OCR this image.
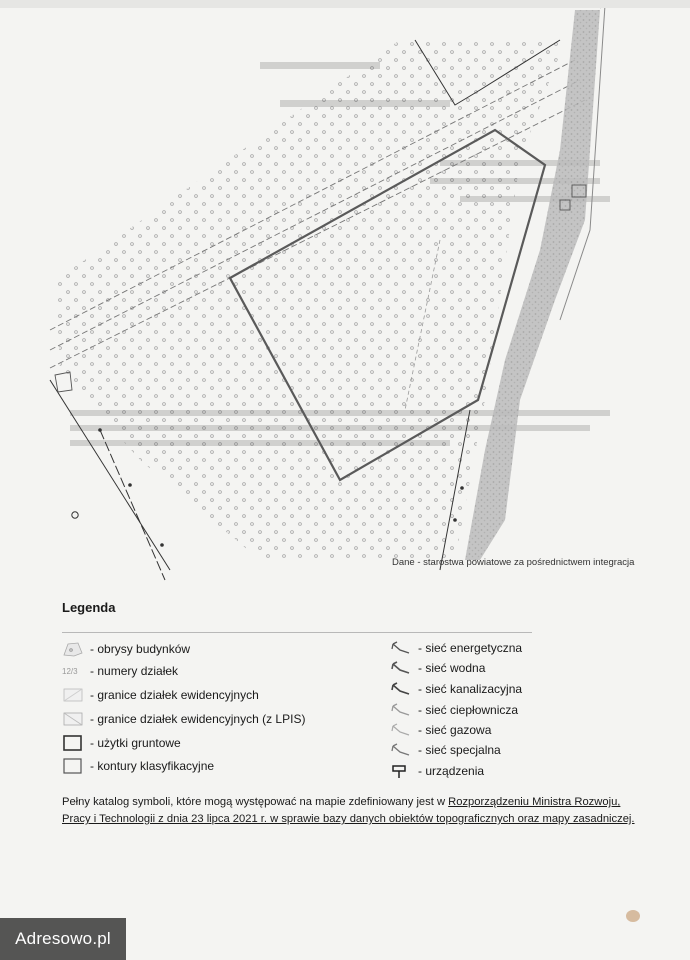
Dane - starostwa powiatowe za pośrednictwem integracja
Legenda
- obrysy budynków
12/3
-	numery działek
- granice działek ewidencyjnych
- granice działek ewidencyjnych (z LPIS)
- użytki gruntowe
- kontury klasyfikacyjne
- sieć energetyczna
- sieć wodna
- sieć kanalizacyjna
- sieć ciepłownicza
- sieć gazowa
- sieć specjalna
- urządzenia
Pełny katalog symboli, które mogą występować na mapie zdefiniowany jest w Rozporządzeniu Ministra Rozwoju, Pracy i Technologii z dnia 23 lipca 2021 r. w sprawie bazy danych obiektów topograficznych oraz mapy zasadniczej.
Adresowo.pl
